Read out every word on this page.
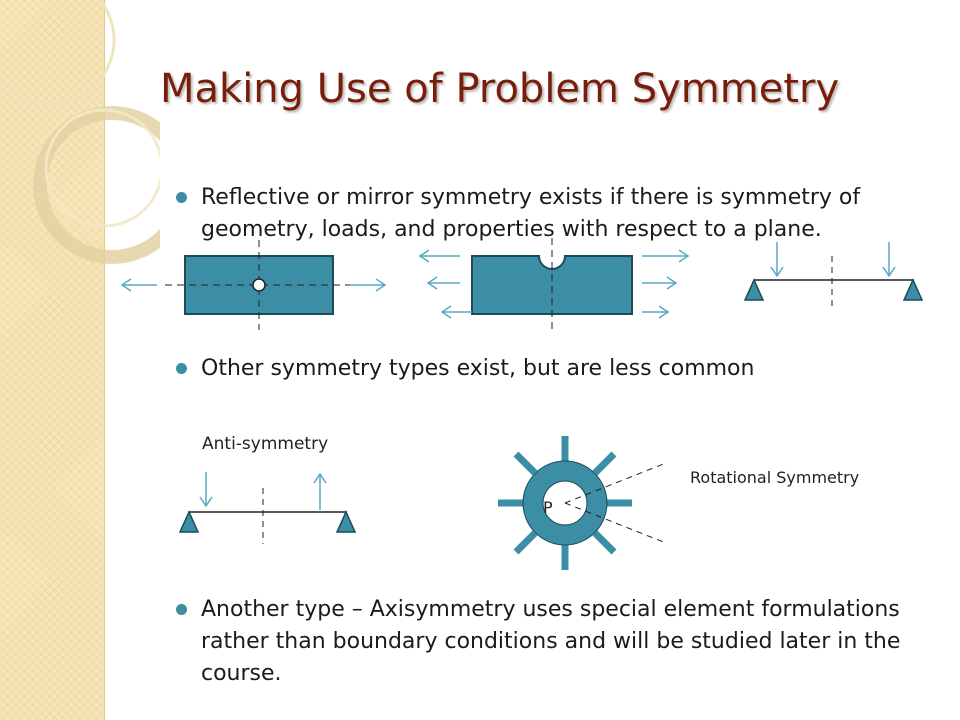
Making Use of Problem Symmetry
Reflective or mirror symmetry exists if there is symmetry of geometry, loads, and properties with respect to a plane.
Other symmetry types exist, but are less common
Anti-symmetry
P
Rotational Symmetry
Another type – Axisymmetry uses special element formulations rather than boundary conditions and will be studied later in the course.
